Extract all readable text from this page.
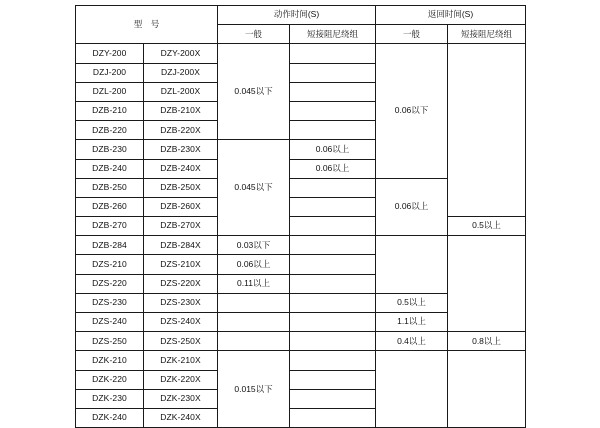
型　号		动作时间(S)		返回时间(S)	
		一般	短接阻尼绕组	一般	短接阻尼绕组
DZY-200	DZY-200X	0.045以下		0.06以下	
DZJ-200	DZJ-200X				
DZL-200	DZL-200X				
DZB-210	DZB-210X				
DZB-220	DZB-220X				
DZB-230	DZB-230X	0.045以下	0.06以上		
DZB-240	DZB-240X		0.06以上		
DZB-250	DZB-250X			0.06以上	
DZB-260	DZB-260X				
DZB-270	DZB-270X				0.5以上
DZB-284	DZB-284X	0.03以下			
DZS-210	DZS-210X	0.06以上			
DZS-220	DZS-220X	0.11以上			
DZS-230	DZS-230X			0.5以上	
DZS-240	DZS-240X			1.1以上	
DZS-250	DZS-250X			0.4以上	0.8以上
DZK-210	DZK-210X	0.015以下			
DZK-220	DZK-220X				
DZK-230	DZK-230X				
DZK-240	DZK-240X				
